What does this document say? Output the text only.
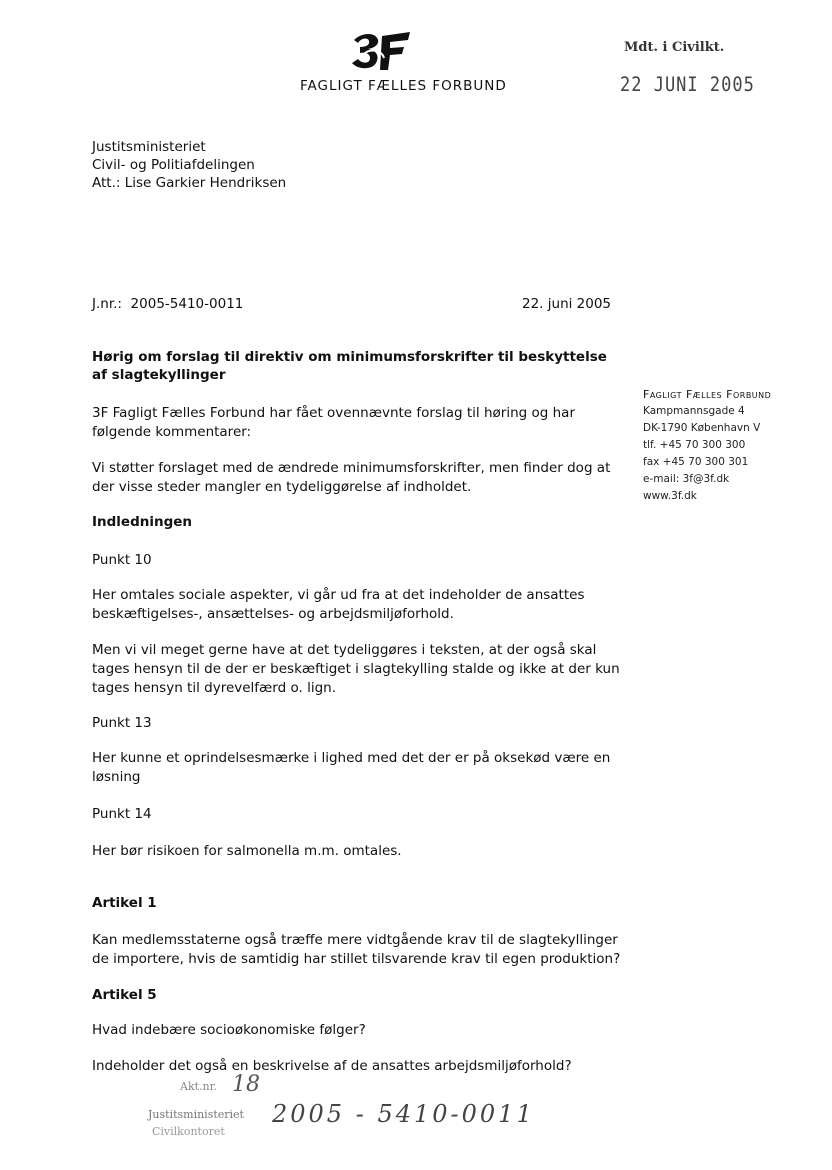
FAGLIGT FÆLLES FORBUND
Mdt. i Civilkt.
22 JUNI 2005
Justitsministeriet
Civil- og Politiafdelingen
Att.: Lise Garkier Hendriksen
J.nr.:  2005-5410-0011	22. juni 2005
Hørig om forslag til direktiv om minimumsforskrifter til beskyttelse af slagtekyllinger
Fagligt Fælles Forbund
Kampmannsgade 4
DK-1790 København V
tlf. +45 70 300 300
fax +45 70 300 301
e-mail: 3f@3f.dk
www.3f.dk
3F Fagligt Fælles Forbund har fået ovennævnte forslag til høring og har følgende kommentarer:
Vi støtter forslaget med de ændrede minimumsforskrifter, men finder dog at der visse steder mangler en tydeliggørelse af indholdet.
Indledningen
Punkt 10
Her omtales sociale aspekter, vi går ud fra at det indeholder de ansattes beskæftigelses-, ansættelses- og arbejdsmiljøforhold.
Men vi vil meget gerne have at det tydeliggøres i teksten, at der også skal tages hensyn til de der er beskæftiget i slagtekylling stalde og ikke at der kun tages hensyn til dyrevelfærd o. lign.
Punkt 13
Her kunne et oprindelsesmærke i lighed med det der er på oksekød være en løsning
Punkt 14
Her bør risikoen for salmonella m.m. omtales.
Artikel 1
Kan medlemsstaterne også træffe mere vidtgående krav til de slagtekyllinger de importere, hvis de samtidig har stillet tilsvarende krav til egen produktion?
Artikel 5
Hvad indebære socioøkonomiske følger?
Indeholder det også en beskrivelse af de ansattes arbejdsmiljøforhold?
Akt.nr. 18
Justitsministeriet
Civilkontoret
2005 - 5410-0011
